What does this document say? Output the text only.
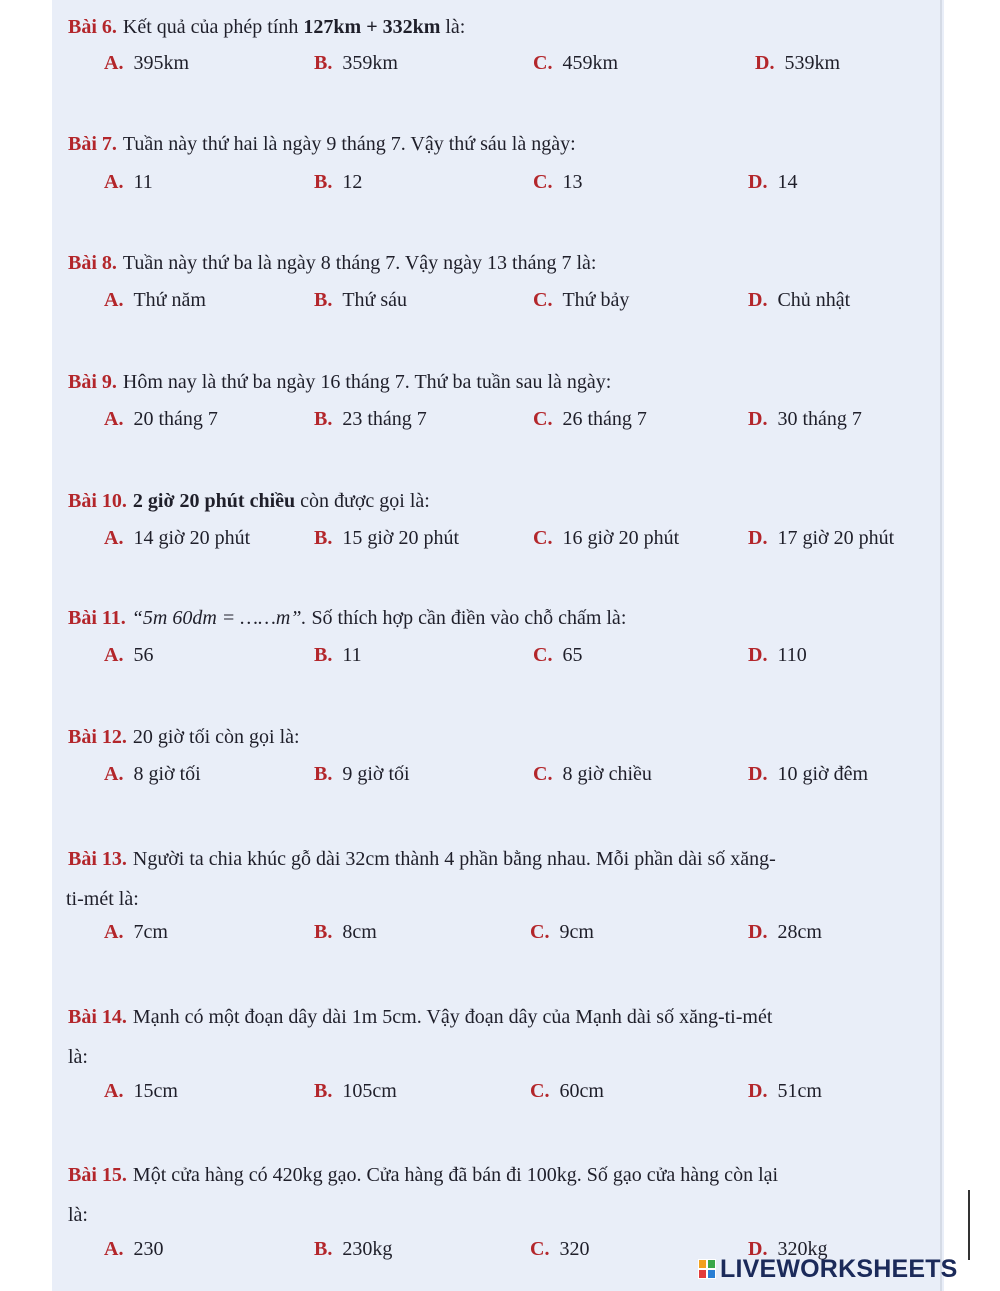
Bài 6. Kết quả của phép tính 127km + 332km là:
A. 395km	B. 359km	C. 459km	D. 539km
Bài 7. Tuần này thứ hai là ngày 9 tháng 7. Vậy thứ sáu là ngày:
A. 11	B. 12	C. 13	D. 14
Bài 8. Tuần này thứ ba là ngày 8 tháng 7. Vậy ngày 13 tháng 7 là:
A. Thứ năm	B. Thứ sáu	C. Thứ bảy	D. Chủ nhật
Bài 9. Hôm nay là thứ ba ngày 16 tháng 7. Thứ ba tuần sau là ngày:
A. 20 tháng 7	B. 23 tháng 7	C. 26 tháng 7	D. 30 tháng 7
Bài 10. 2 giờ 20 phút chiều còn được gọi là:
A. 14 giờ 20 phút	B. 15 giờ 20 phút	C. 16 giờ 20 phút	D. 17 giờ 20 phút
Bài 11. “5m 60dm = ……m”. Số thích hợp cần điền vào chỗ chấm là:
A. 56	B. 11	C. 65	D. 110
Bài 12. 20 giờ tối còn gọi là:
A. 8 giờ tối	B. 9 giờ tối	C. 8 giờ chiều	D. 10 giờ đêm
Bài 13. Người ta chia khúc gỗ dài 32cm thành 4 phần bằng nhau. Mỗi phần dài số xăng-
ti-mét là:
A. 7cm	B. 8cm	C. 9cm	D. 28cm
Bài 14. Mạnh có một đoạn dây dài 1m 5cm. Vậy đoạn dây của Mạnh dài số xăng-ti-mét
là:
A. 15cm	B. 105cm	C. 60cm	D. 51cm
Bài 15. Một cửa hàng có 420kg gạo. Cửa hàng đã bán đi 100kg. Số gạo cửa hàng còn lại
là:
A. 230	B. 230kg	C. 320	D. 320kg
LIVEWORKSHEETS
